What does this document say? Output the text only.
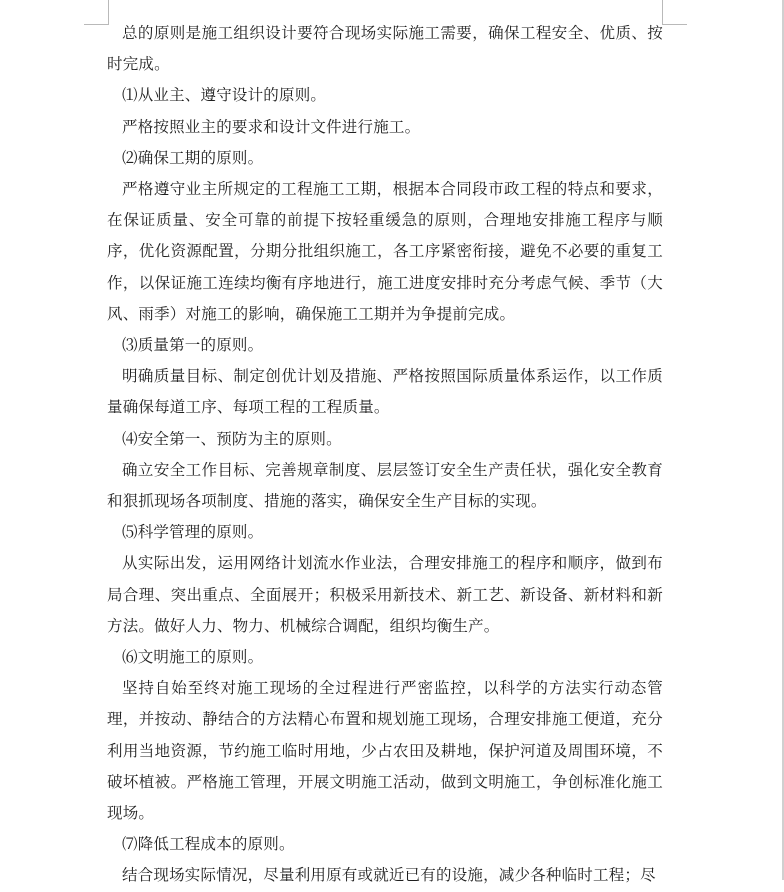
总的原则是施工组织设计要符合现场实际施工需要，确保工程安全、优质、按时完成。

⑴从业主、遵守设计的原则。

严格按照业主的要求和设计文件进行施工。

⑵确保工期的原则。

严格遵守业主所规定的工程施工工期，根据本合同段市政工程的特点和要求，在保证质量、安全可靠的前提下按轻重缓急的原则，合理地安排施工程序与顺序，优化资源配置，分期分批组织施工，各工序紧密衔接，避免不必要的重复工作，以保证施工连续均衡有序地进行，施工进度安排时充分考虑气候、季节（大风、雨季）对施工的影响，确保施工工期并为争提前完成。

⑶质量第一的原则。

明确质量目标、制定创优计划及措施、严格按照国际质量体系运作，以工作质量确保每道工序、每项工程的工程质量。

⑷安全第一、预防为主的原则。

确立安全工作目标、完善规章制度、层层签订安全生产责任状，强化安全教育和狠抓现场各项制度、措施的落实，确保安全生产目标的实现。

⑸科学管理的原则。

从实际出发，运用网络计划流水作业法，合理安排施工的程序和顺序，做到布局合理、突出重点、全面展开；积极采用新技术、新工艺、新设备、新材料和新方法。做好人力、物力、机械综合调配，组织均衡生产。

⑹文明施工的原则。

坚持自始至终对施工现场的全过程进行严密监控，以科学的方法实行动态管理，并按动、静结合的方法精心布置和规划施工现场，合理安排施工便道，充分利用当地资源，节约施工临时用地，少占农田及耕地，保护河道及周围环境，不破坏植被。严格施工管理，开展文明施工活动，做到文明施工，争创标准化施工现场。

⑺降低工程成本的原则。

结合现场实际情况，尽量利用原有或就近已有的设施，减少各种临时工程；尽
